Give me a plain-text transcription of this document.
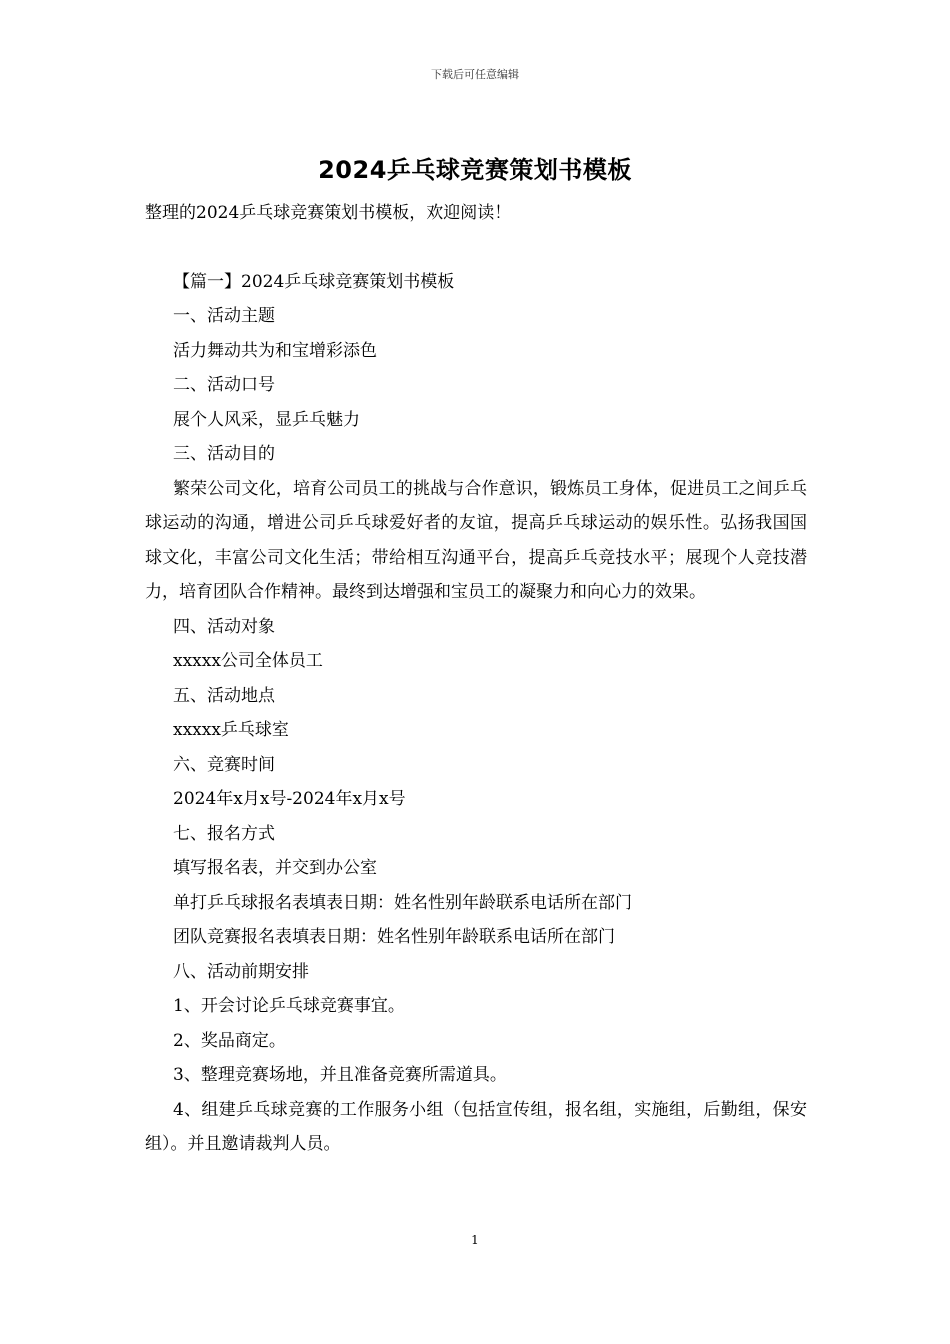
下载后可任意编辑
2024乒乓球竞赛策划书模板

整理的2024乒乓球竞赛策划书模板，欢迎阅读！

【篇一】2024乒乓球竞赛策划书模板

一、活动主题

活力舞动共为和宝增彩添色

二、活动口号

展个人风采，显乒乓魅力

三、活动目的

繁荣公司文化，培育公司员工的挑战与合作意识，锻炼员工身体，促进员工之间乒乓球运动的沟通，增进公司乒乓球爱好者的友谊，提高乒乓球运动的娱乐性。弘扬我国国球文化，丰富公司文化生活；带给相互沟通平台，提高乒乓竞技水平；展现个人竞技潜力，培育团队合作精神。最终到达增强和宝员工的凝聚力和向心力的效果。

四、活动对象

xxxxx公司全体员工

五、活动地点

xxxxx乒乓球室

六、竞赛时间

2024年x月x号-2024年x月x号

七、报名方式

填写报名表，并交到办公室

单打乒乓球报名表填表日期：姓名性别年龄联系电话所在部门

团队竞赛报名表填表日期：姓名性别年龄联系电话所在部门

八、活动前期安排

1、开会讨论乒乓球竞赛事宜。

2、奖品商定。

3、整理竞赛场地，并且准备竞赛所需道具。

4、组建乒乓球竞赛的工作服务小组（包括宣传组，报名组，实施组，后勤组，保安组）。并且邀请裁判人员。

1
